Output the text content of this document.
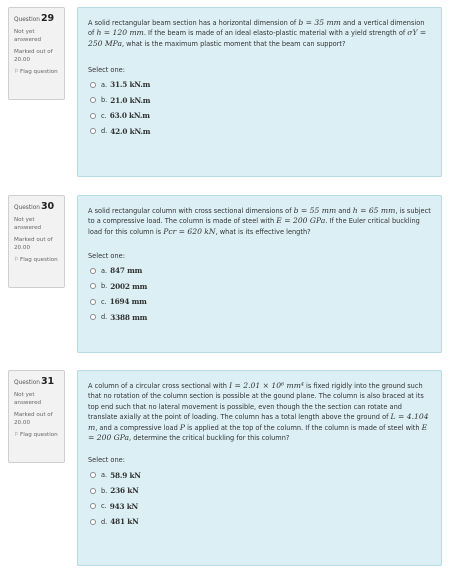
Question29
Not yet answered
Marked out of
20.00
⚐Flag question
A solid rectangular beam section has a horizontal dimension of b = 35 mm and a vertical dimension of h = 120 mm. If the beam is made of an ideal elasto-plastic material with a yield strength of σY = 250 MPa, what is the maximum plastic moment that the beam can support?
Select one:
a. 31.5 kN.m
b. 21.0 kN.m
c. 63.0 kN.m
d. 42.0 kN.m
Question30
Not yet answered
Marked out of
20.00
⚐Flag question
A solid rectangular column with cross sectional dimensions of b = 55 mm and h = 65 mm, is subject to a compressive load. The column is made of steel with E = 200 GPa. If the Euler critical buckling load for this column is Pcr = 620 kN, what is its effective length?
Select one:
a. 847 mm
b. 2002 mm
c. 1694 mm
d. 3388 mm
Question31
Not yet answered
Marked out of
20.00
⚐Flag question
A column of a circular cross sectional with I = 2.01 × 10⁶ mm⁴ is fixed rigidly into the ground such that no rotation of the column section is possible at the gound plane. The column is also braced at its top end such that no lateral movement is possible, even though the the section can rotate and translate axially at the point of loading. The column has a total length above the ground of L = 4.104 m, and a compressive load P is applied at the top of the column. If the column is made of steel with E = 200 GPa, determine the critical buckling for this column?
Select one:
a. 58.9 kN
b. 236 kN
c. 943 kN
d. 481 kN
